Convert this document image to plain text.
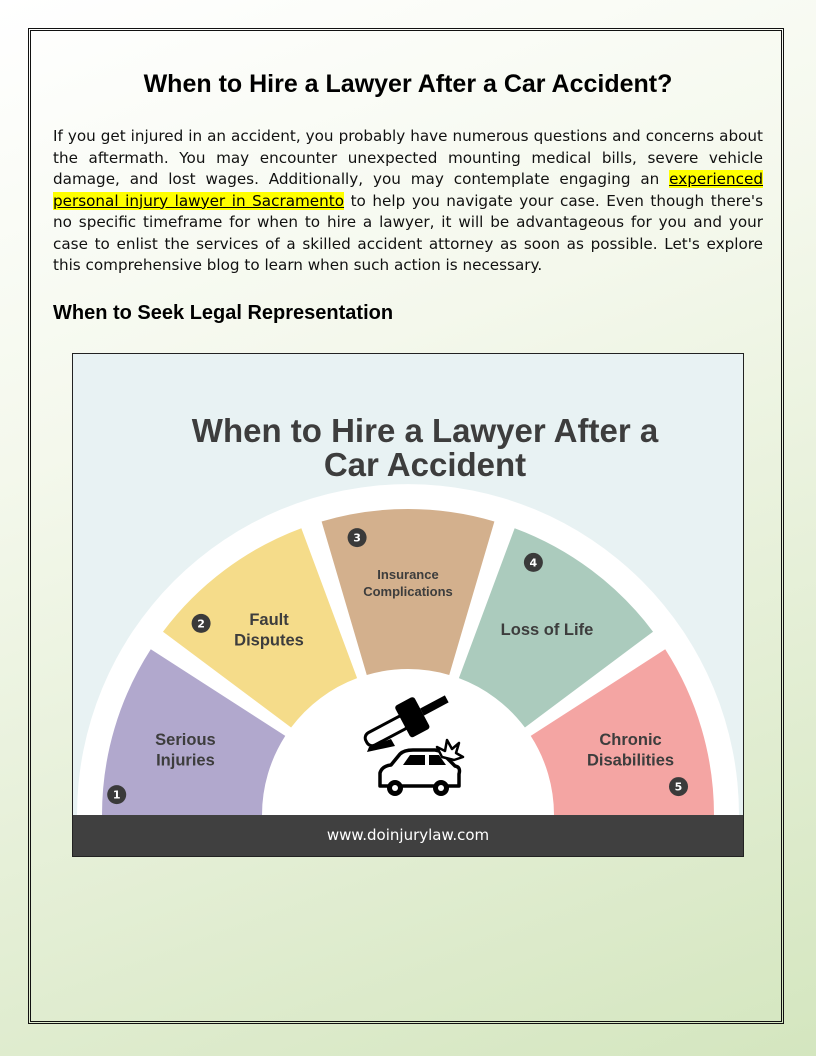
When to Hire a Lawyer After a Car Accident?

If you get injured in an accident, you probably have numerous questions and concerns about the aftermath. You may encounter unexpected mounting medical bills, severe vehicle damage, and lost wages. Additionally, you may contemplate engaging an experienced personal injury lawyer in Sacramento to help you navigate your case. Even though there's no specific timeframe for when to hire a lawyer, it will be advantageous for you and your case to enlist the services of a skilled accident attorney as soon as possible. Let's explore this comprehensive blog to learn when such action is necessary.

When to Seek Legal Representation
When to Hire a Lawyer After a
Car Accident
Serious
Injuries
1
Fault
Disputes
2
Insurance
Complications
3
Loss of Life
4
Chronic
Disabilities
5
www.doinjurylaw.com
